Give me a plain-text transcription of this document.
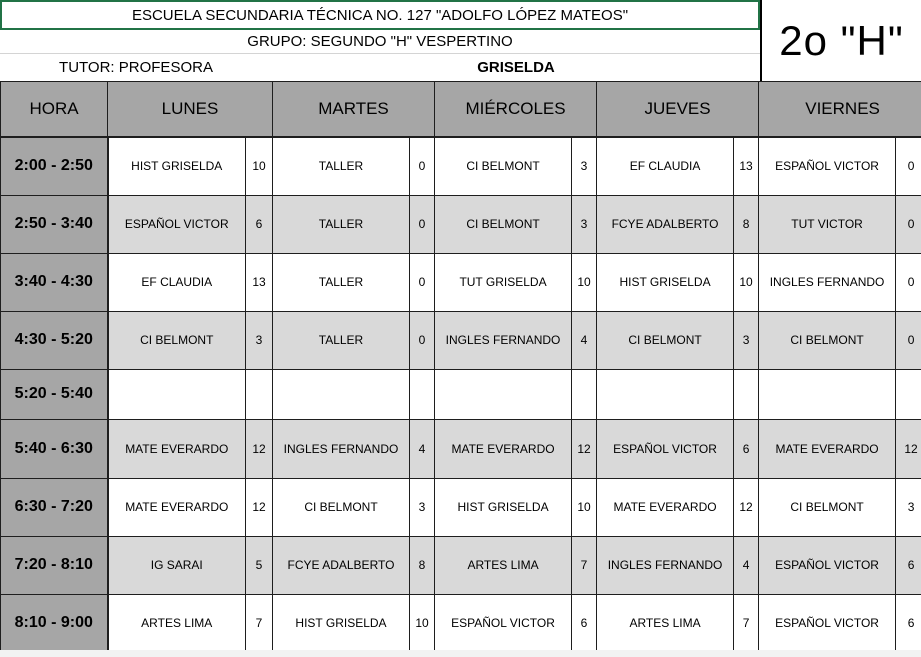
ESCUELA SECUNDARIA TÉCNICA NO. 127 "ADOLFO LÓPEZ MATEOS"
GRUPO: SEGUNDO "H" VESPERTINO
TUTOR: PROFESORA	GRISELDA
2o "H"
HORA	LUNES		MARTES		MIÉRCOLES		JUEVES		VIERNES	
2:00 - 2:50	HIST GRISELDA	10	TALLER	0	CI BELMONT	3	EF CLAUDIA	13	ESPAÑOL VICTOR	0
2:50 - 3:40	ESPAÑOL VICTOR	6	TALLER	0	CI BELMONT	3	FCYE ADALBERTO	8	TUT VICTOR	0
3:40 - 4:30	EF CLAUDIA	13	TALLER	0	TUT GRISELDA	10	HIST GRISELDA	10	INGLES FERNANDO	0
4:30 - 5:20	CI BELMONT	3	TALLER	0	INGLES FERNANDO	4	CI BELMONT	3	CI BELMONT	0
5:20 - 5:40										
5:40 - 6:30	MATE EVERARDO	12	INGLES FERNANDO	4	MATE EVERARDO	12	ESPAÑOL VICTOR	6	MATE EVERARDO	12
6:30 - 7:20	MATE EVERARDO	12	CI BELMONT	3	HIST GRISELDA	10	MATE EVERARDO	12	CI BELMONT	3
7:20 - 8:10	IG SARAI	5	FCYE ADALBERTO	8	ARTES LIMA	7	INGLES FERNANDO	4	ESPAÑOL VICTOR	6
8:10 - 9:00	ARTES LIMA	7	HIST GRISELDA	10	ESPAÑOL VICTOR	6	ARTES LIMA	7	ESPAÑOL VICTOR	6
